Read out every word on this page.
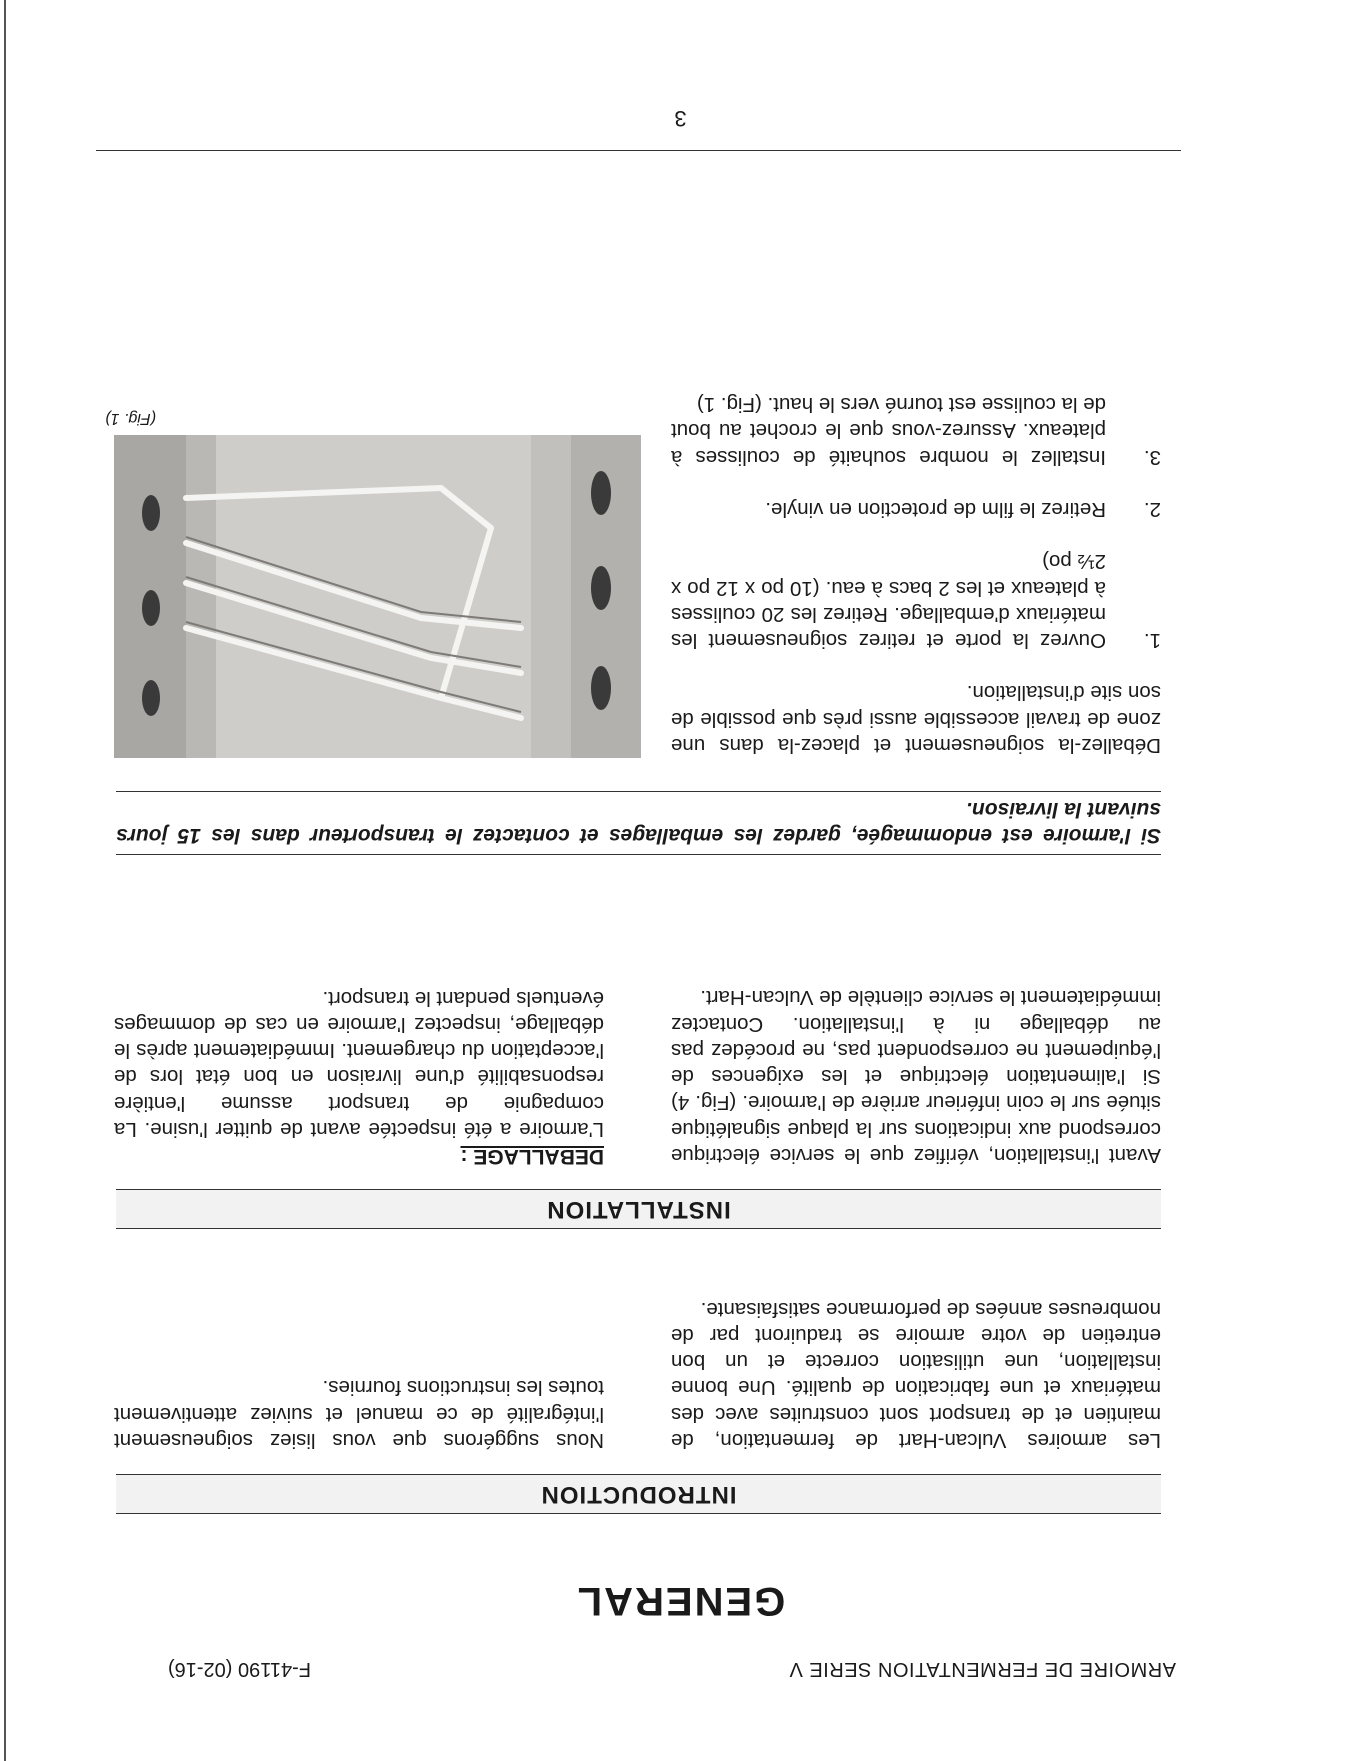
ARMOIRE DE FERMENTATION SERIE V
F-41190 (02-16)
GENERAL
INTRODUCTION
Les armoires Vulcan-Hart de fermentation, de maintien et de transport sont construites avec des matériaux et une fabrication de qualité. Une bonne installation, une utilisation correcte et un bon entretien de votre armoire se traduiront par de nombreuses années de performance satisfaisante.
Nous suggérons que vous lisiez soigneusement l'intégralité de ce manuel et suiviez attentivement toutes les instructions fournies.
INSTALLATION
Avant l'installation, vérifiez que le service électrique correspond aux indications sur la plaque signalétique située sur le coin inférieur arrière de l'armoire. (Fig. 4) Si l'alimentation électrique et les exigences de l'équipement ne correspondent pas, ne procédez pas au déballage ni à l'installation. Contactez immédiatement le service clientèle de Vulcan-Hart.
DEBALLAGE :
L'armoire a été inspectée avant de quitter l'usine. La compagnie de transport assume l'entière responsabilité d'une livraison en bon état lors de l'acceptation du chargement. Immédiatement après le déballage, inspectez l'armoire en cas de dommages éventuels pendant le transport.
Si l'armoire est endommagée, gardez les emballages et contactez le transporteur dans les 15 jours suivant la livraison.
Déballez-la soigneusement et placez-la dans une zone de travail accessible aussi près que possible de son site d'installation.
1.
Ouvrez la porte et retirez soigneusement les matériaux d'emballage. Retirez les 20 coulisses à plateaux et les 2 bacs à eau. (10 po x 12 po x 2½ po)
2.
Retirez le film de protection en vinyle.
3.
Installez le nombre souhaité de coulisses à plateaux. Assurez-vous que le crochet au bout de la coulisse est tourné vers le haut. (Fig. 1)
(Fig. 1)
3
